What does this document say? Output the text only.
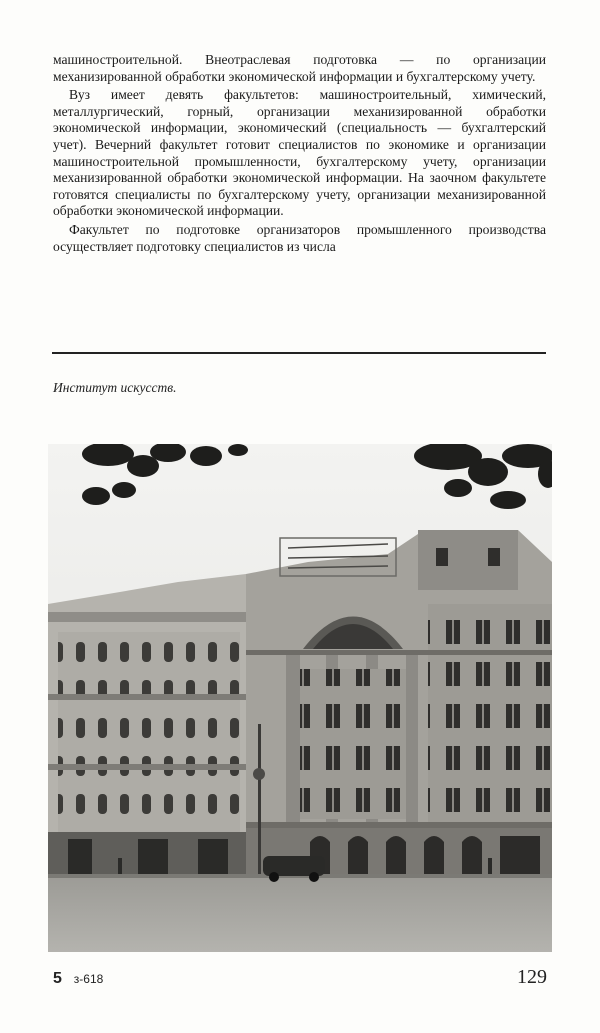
машиностроительной. Внеотраслевая подготовка — по организации механизированной обработки экономической информации и бухгалтерскому учету.

Вуз имеет девять факультетов: машиностроительный, химический, металлургический, горный, организации механизированной обработки экономической информации, экономический (специальность — бухгалтерский учет). Вечерний факультет готовит специалистов по экономике и организации машиностроительной промышленности, бухгалтерскому учету, организации механизированной обработки экономической информации. На заочном факультете готовятся специалисты по бухгалтерскому учету, организации механизированной обработки экономической информации.

Факультет по подготовке организаторов промышленного производства осуществляет подготовку специалистов из числа

Институт искусств.
5 з-618	129
